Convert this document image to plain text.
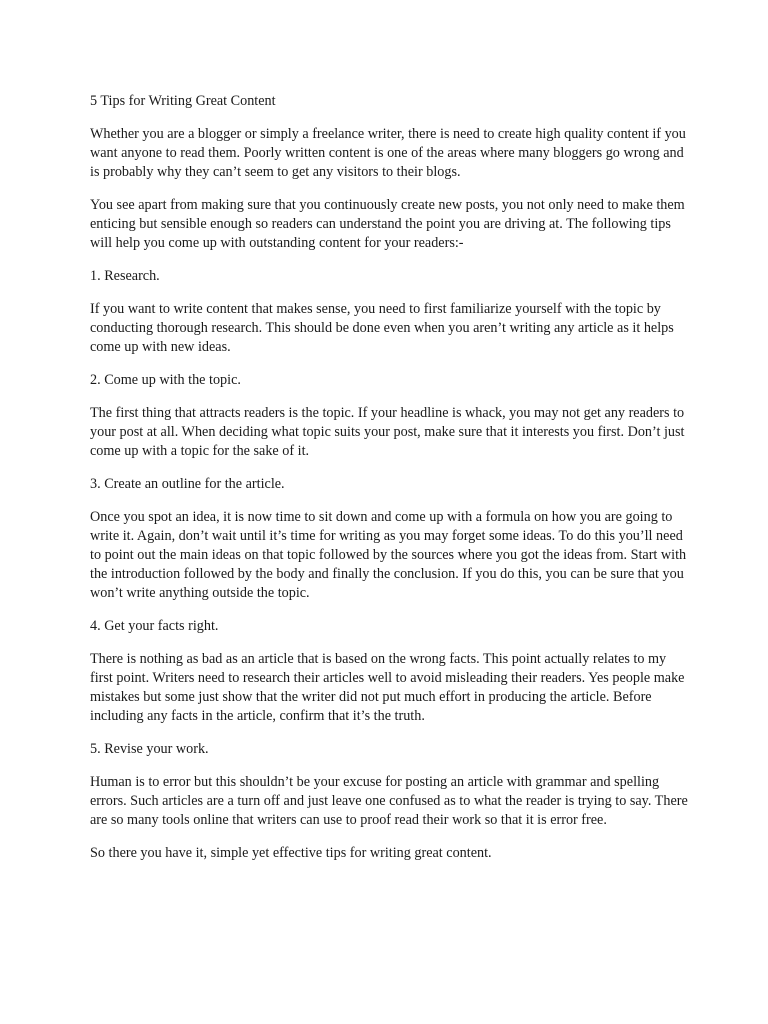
5 Tips for Writing Great Content

Whether you are a blogger or simply a freelance writer, there is need to create high quality content if you want anyone to read them. Poorly written content is one of the areas where many bloggers go wrong and is probably why they can’t seem to get any visitors to their blogs.

You see apart from making sure that you continuously create new posts, you not only need to make them enticing but sensible enough so readers can understand the point you are driving at. The following tips will help you come up with outstanding content for your readers:-

1. Research.

If you want to write content that makes sense, you need to first familiarize yourself with the topic by conducting thorough research. This should be done even when you aren’t writing any article as it helps come up with new ideas.

2. Come up with the topic.

The first thing that attracts readers is the topic. If your headline is whack, you may not get any readers to your post at all. When deciding what topic suits your post, make sure that it interests you first. Don’t just come up with a topic for the sake of it.

3. Create an outline for the article.

Once you spot an idea, it is now time to sit down and come up with a formula on how you are going to write it. Again, don’t wait until it’s time for writing as you may forget some ideas. To do this you’ll need to point out the main ideas on that topic followed by the sources where you got the ideas from. Start with the introduction followed by the body and finally the conclusion. If you do this, you can be sure that you won’t write anything outside the topic.

4. Get your facts right.

There is nothing as bad as an article that is based on the wrong facts. This point actually relates to my first point. Writers need to research their articles well to avoid misleading their readers. Yes people make mistakes but some just show that the writer did not put much effort in producing the article. Before including any facts in the article, confirm that it’s the truth.

5. Revise your work.

Human is to error but this shouldn’t be your excuse for posting an article with grammar and spelling errors. Such articles are a turn off and just leave one confused as to what the reader is trying to say. There are so many tools online that writers can use to proof read their work so that it is error free.

So there you have it, simple yet effective tips for writing great content.
